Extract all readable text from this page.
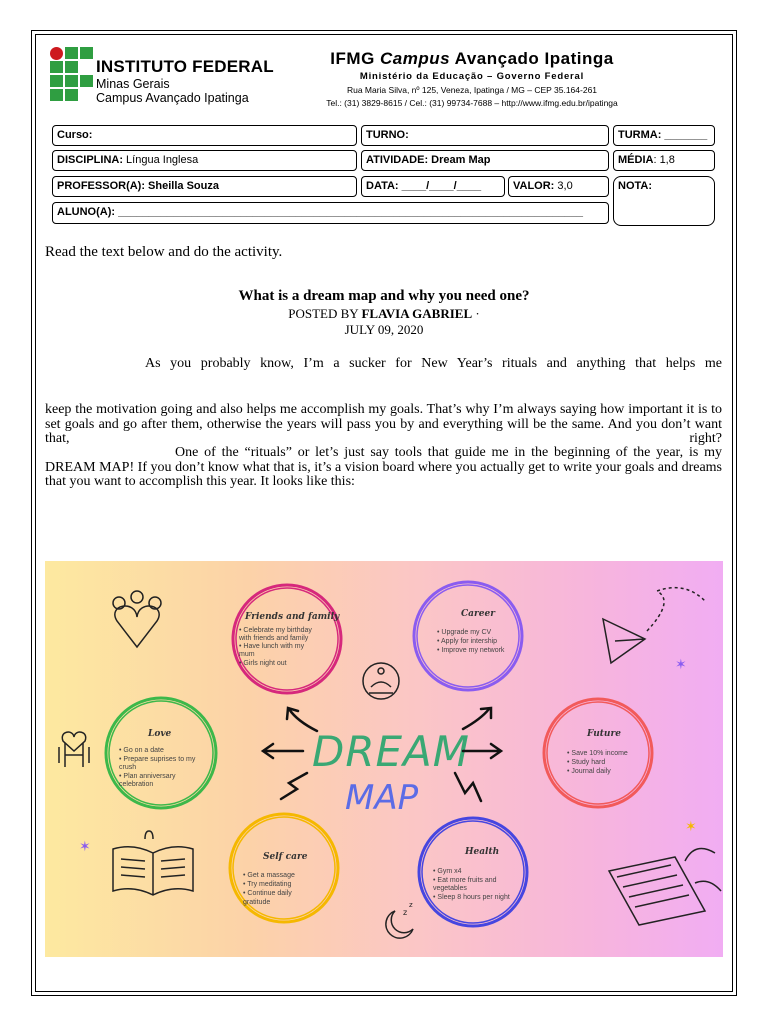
INSTITUTO FEDERAL
Minas Gerais
Campus Avançado Ipatinga
IFMG Campus Avançado Ipatinga
Ministério da Educação – Governo Federal
Rua Maria Silva, nº 125, Veneza, Ipatinga / MG – CEP 35.164-261
Tel.: (31) 3829-8615 / Cel.: (31) 99734-7688 – http://www.ifmg.edu.br/ipatinga
Curso:	TURNO:	TURMA: _______
DISCIPLINA: Língua Inglesa	ATIVIDADE: Dream Map	MÉDIA: 1,8
PROFESSOR(A): Sheilla Souza	DATA: ____/____/____	VALOR: 3,0	NOTA:
ALUNO(A): ____________________________________________________________________________
Read the text below and do the activity.
What is a dream map and why you need one?
POSTED BY FLAVIA GABRIEL ·
JULY 09, 2020
As you probably know, I’m a sucker for New Year’s rituals and anything that helps me
keep the motivation going and also helps me accomplish my goals. That’s why I’m always saying how important it is to set goals and go after them, otherwise the years will pass you by and everything will be the same. And you don’t want that, right?
One of the “rituals” or let’s just say tools that guide me in the beginning of the year, is my DREAM MAP! If you don’t know what that is, it’s a vision board where you actually get to write your goals and dreams that you want to accomplish this year. It looks like this:
Friends and family
• Celebrate my birthday
with friends and family
• Have lunch with my
mum
• Girls night out
Career
• Upgrade my CV
• Apply for intership
• Improve my network
Love
• Go on a date
• Prepare suprises to my
crush
• Plan anniversary
celebration
Future
• Save 10% income
• Study hard
• Journal daily
Self care
• Get a massage
• Try meditating
• Continue daily
gratitude
Health
• Gym x4
• Eat more fruits and
vegetables
• Sleep 8 hours per night
DREAM
MAP
z
z
✶
✶
✶
